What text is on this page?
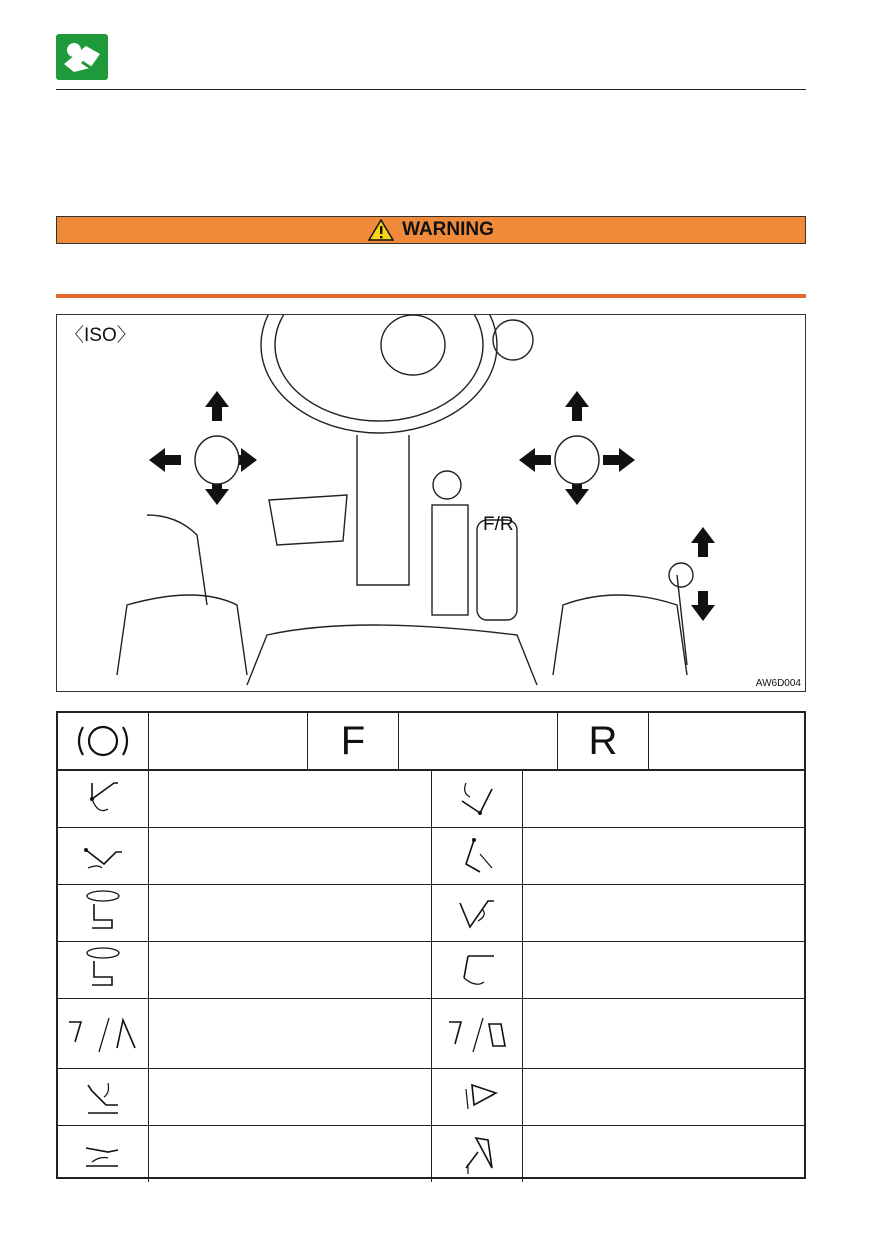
WARNING
〈ISO〉
F/R
AW6D004
F	R
